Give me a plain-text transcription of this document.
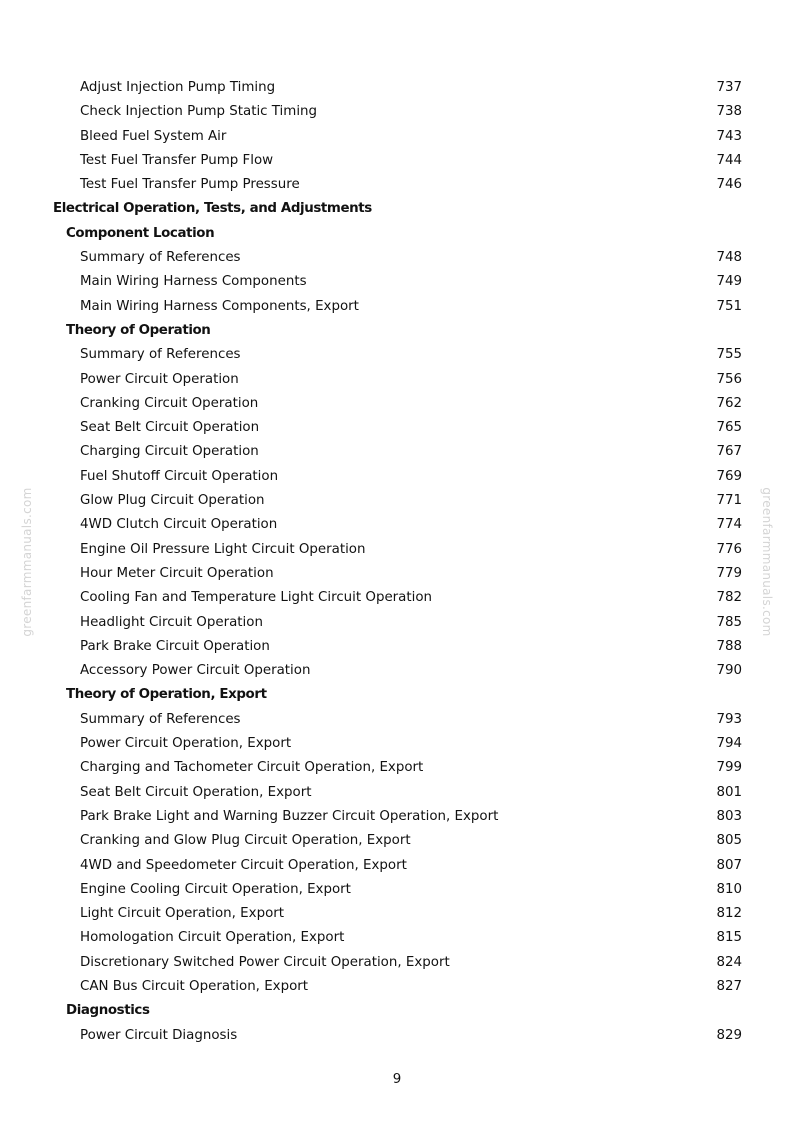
greenfarmmanuals.com	greenfarmmanuals.com
Adjust Injection Pump Timing	737
Check Injection Pump Static Timing	738
Bleed Fuel System Air	743
Test Fuel Transfer Pump Flow	744
Test Fuel Transfer Pump Pressure	746
Electrical Operation, Tests, and Adjustments
Component Location
Summary of References	748
Main Wiring Harness Components	749
Main Wiring Harness Components, Export	751
Theory of Operation
Summary of References	755
Power Circuit Operation	756
Cranking Circuit Operation	762
Seat Belt Circuit Operation	765
Charging Circuit Operation	767
Fuel Shutoff Circuit Operation	769
Glow Plug Circuit Operation	771
4WD Clutch Circuit Operation	774
Engine Oil Pressure Light Circuit Operation	776
Hour Meter Circuit Operation	779
Cooling Fan and Temperature Light Circuit Operation	782
Headlight Circuit Operation	785
Park Brake Circuit Operation	788
Accessory Power Circuit Operation	790
Theory of Operation, Export
Summary of References	793
Power Circuit Operation, Export	794
Charging and Tachometer Circuit Operation, Export	799
Seat Belt Circuit Operation, Export	801
Park Brake Light and Warning Buzzer Circuit Operation, Export	803
Cranking and Glow Plug Circuit Operation, Export	805
4WD and Speedometer Circuit Operation, Export	807
Engine Cooling Circuit Operation, Export	810
Light Circuit Operation, Export	812
Homologation Circuit Operation, Export	815
Discretionary Switched Power Circuit Operation, Export	824
CAN Bus Circuit Operation, Export	827
Diagnostics
Power Circuit Diagnosis	829
9
